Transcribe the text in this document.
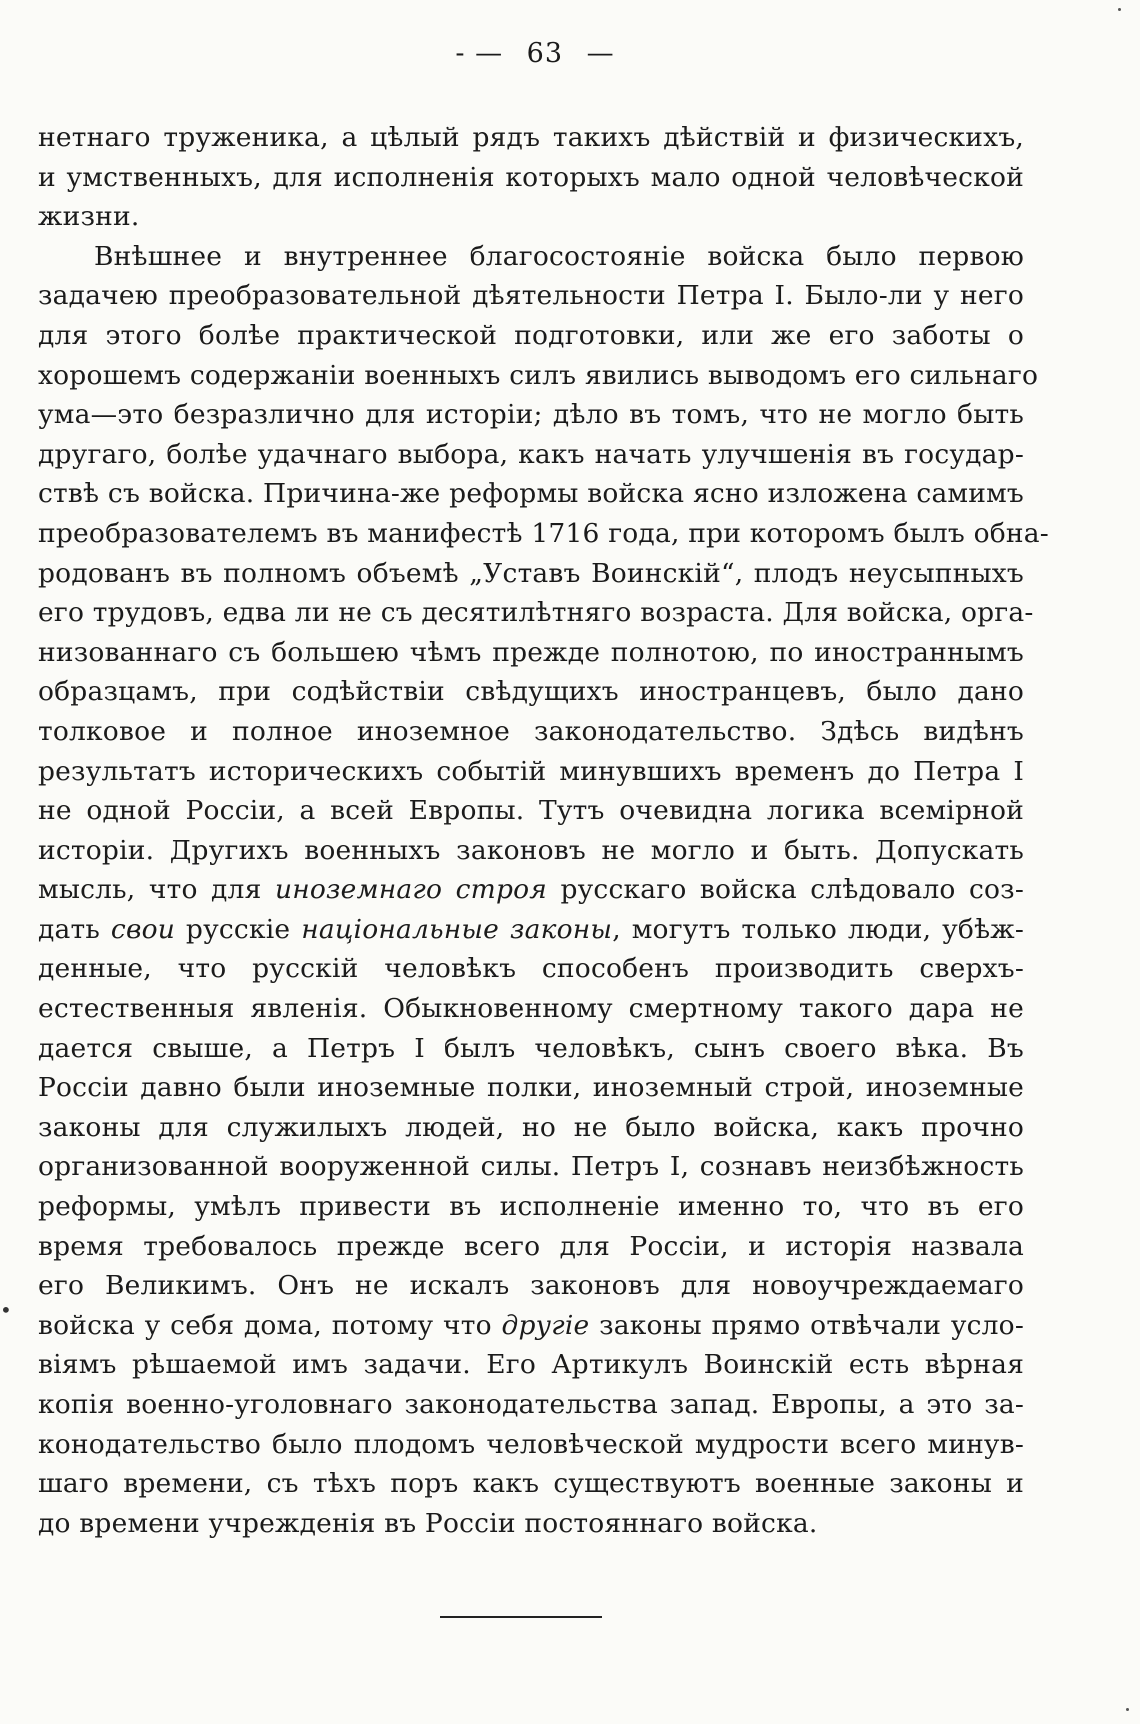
- — 63 —
нетнаго труженика, а цѣлый рядъ такихъ дѣйствій и физическихъ,
и умственныхъ, для исполненія которыхъ мало одной человѣческой
жизни.
Внѣшнее и внутреннее благосостояніе войска было первою
задачею преобразовательной дѣятельности Петра І. Было-ли у него
для этого болѣе практической подготовки, или же его заботы о
хорошемъ содержаніи военныхъ силъ явились выводомъ его сильнаго
ума—это безразлично для исторіи; дѣло въ томъ, что не могло быть
другаго, болѣе удачнаго выбора, какъ начать улучшенія въ государ-
ствѣ съ войска. Причина-же реформы войска ясно изложена самимъ
преобразователемъ въ манифестѣ 1716 года, при которомъ былъ обна-
родованъ въ полномъ объемѣ „Уставъ Воинскій“, плодъ неусыпныхъ
его трудовъ, едва ли не съ десятилѣтняго возраста. Для войска, орга-
низованнаго съ большею чѣмъ прежде полнотою, по иностраннымъ
образцамъ, при содѣйствіи свѣдущихъ иностранцевъ, было дано
толковое и полное иноземное законодательство. Здѣсь видѣнъ
результатъ историческихъ событій минувшихъ временъ до Петра І
не одной Россіи, а всей Европы. Тутъ очевидна логика всемірной
исторіи. Другихъ военныхъ законовъ не могло и быть. Допускать
мысль, что для иноземнаго строя русскаго войска слѣдовало соз-
дать свои русскіе національные законы, могутъ только люди, убѣж-
денные, что русскій человѣкъ способенъ производить сверхъ-
естественныя явленія. Обыкновенному смертному такого дара не
дается свыше, а Петръ І былъ человѣкъ, сынъ своего вѣка. Въ
Россіи давно были иноземные полки, иноземный строй, иноземные
законы для служилыхъ людей, но не было войска, какъ прочно
организованной вооруженной силы. Петръ І, сознавъ неизбѣжность
реформы, умѣлъ привести въ исполненіе именно то, что въ его
время требовалось прежде всего для Россіи, и исторія назвала
его Великимъ. Онъ не искалъ законовъ для новоучреждаемаго
войска у себя дома, потому что другіе законы прямо отвѣчали усло-
віямъ рѣшаемой имъ задачи. Его Артикулъ Воинскій есть вѣрная
копія военно-уголовнаго законодательства запад. Европы, а это за-
конодательство было плодомъ человѣческой мудрости всего минув-
шаго времени, съ тѣхъ поръ какъ существуютъ военные законы и
до времени учрежденія въ Россіи постояннаго войска.
•
